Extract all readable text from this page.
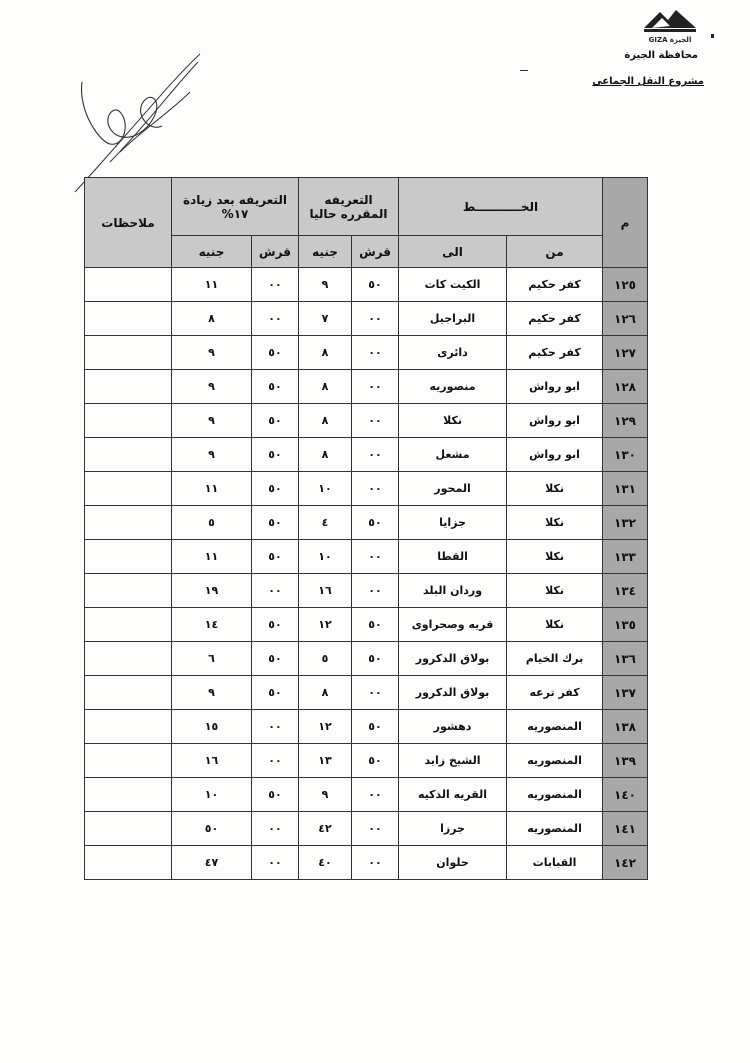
GIZA الجيزة
محافظة الجيزة
مشروع النقل الجماعى
م	الخـــــــــــط		التعريفه المقرره حاليا		التعريفه بعد زيادة ١٧%		ملاحظات
	من	الى	قرش	جنيه	قرش	جنيه	
١٢٥	كفر حكيم	الكيت كات	٥٠	٩	٠٠	١١	
١٢٦	كفر حكيم	البراجيل	٠٠	٧	٠٠	٨	
١٢٧	كفر حكيم	دائرى	٠٠	٨	٥٠	٩	
١٢٨	ابو رواش	منصوريه	٠٠	٨	٥٠	٩	
١٢٩	ابو رواش	نكلا	٠٠	٨	٥٠	٩	
١٣٠	ابو رواش	مشعل	٠٠	٨	٥٠	٩	
١٣١	نكلا	المحور	٠٠	١٠	٥٠	١١	
١٣٢	نكلا	جزايا	٥٠	٤	٥٠	٥	
١٣٣	نكلا	القطا	٠٠	١٠	٥٠	١١	
١٣٤	نكلا	وردان البلد	٠٠	١٦	٠٠	١٩	
١٣٥	نكلا	قريه وصحراوى	٥٠	١٢	٥٠	١٤	
١٣٦	برك الخيام	بولاق الدكرور	٥٠	٥	٥٠	٦	
١٣٧	كفر ترعه	بولاق الدكرور	٠٠	٨	٥٠	٩	
١٣٨	المنصوريه	دهشور	٥٠	١٢	٠٠	١٥	
١٣٩	المنصوريه	الشيخ زايد	٥٠	١٣	٠٠	١٦	
١٤٠	المنصوريه	القريه الذكيه	٠٠	٩	٥٠	١٠	
١٤١	المنصوريه	جرزا	٠٠	٤٢	٠٠	٥٠	
١٤٢	القبابات	حلوان	٠٠	٤٠	٠٠	٤٧	
